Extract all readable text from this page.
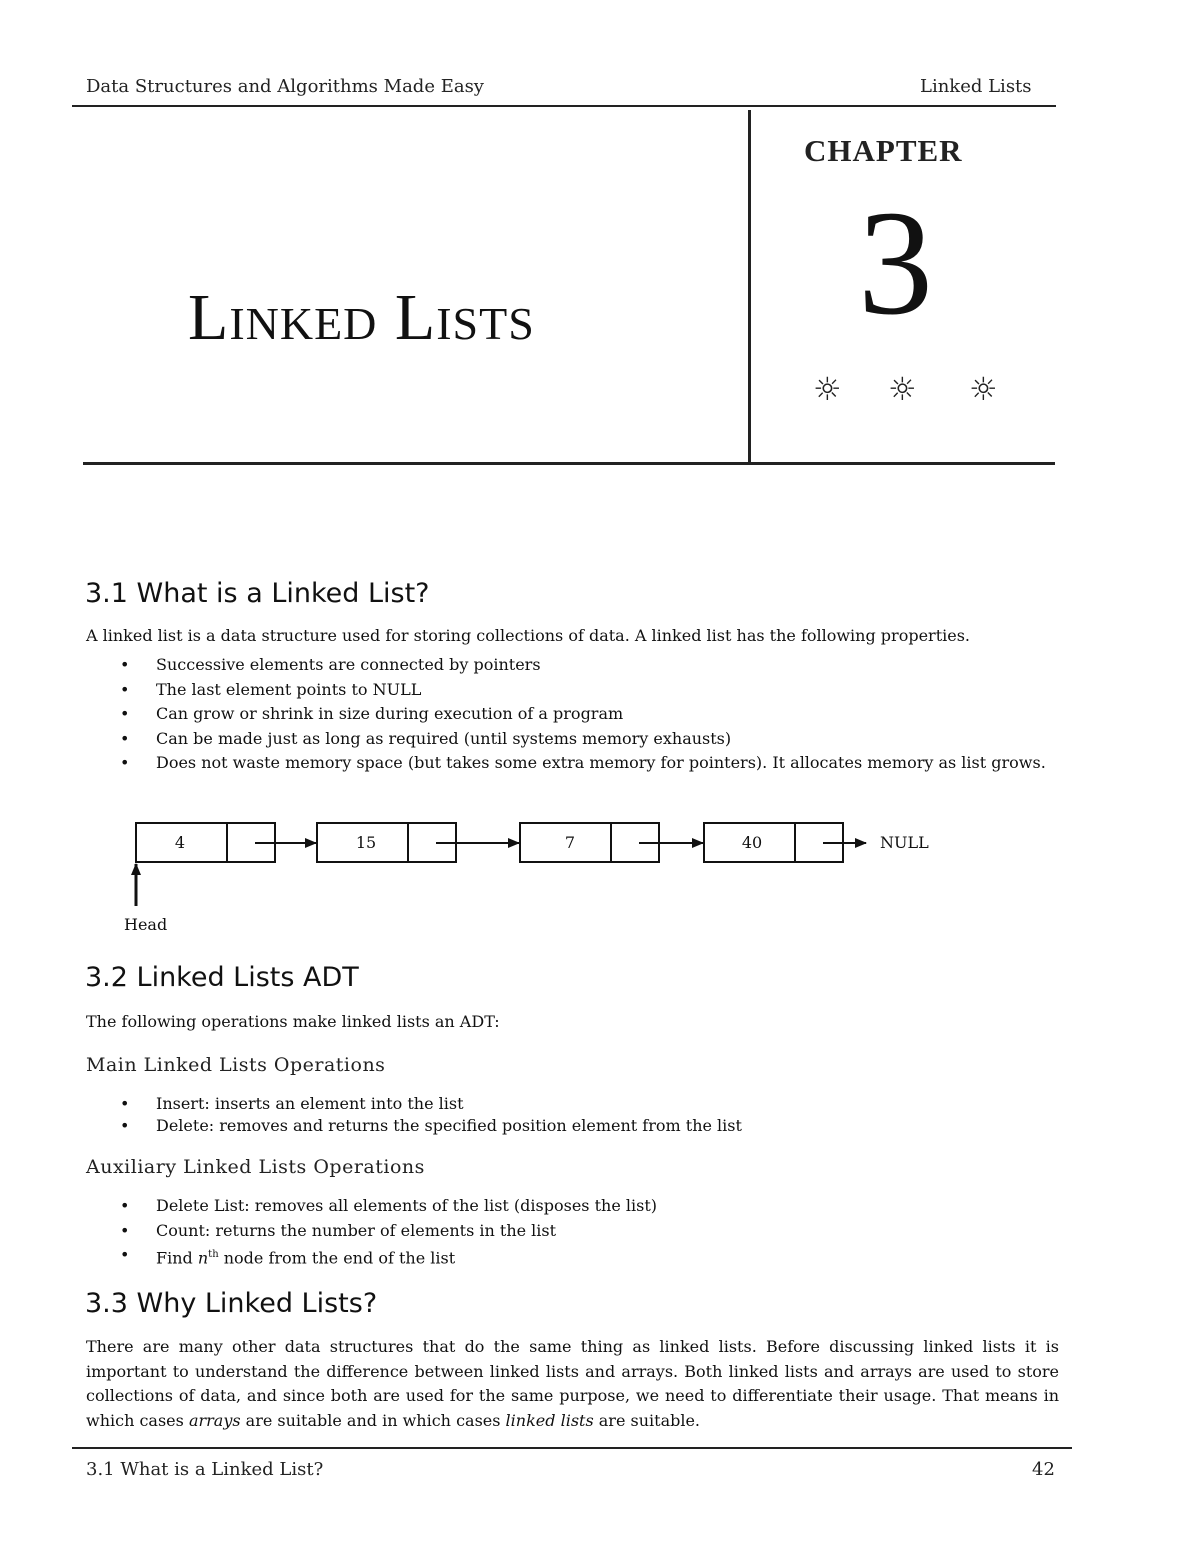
Data Structures and Algorithms Made Easy	Linked Lists
Linked Lists
CHAPTER
3
☼ ☼ ☼
3.1 What is a Linked List?
A linked list is a data structure used for storing collections of data. A linked list has the following properties.
• Successive elements are connected by pointers
• The last element points to NULL
• Can grow or shrink in size during execution of a program
• Can be made just as long as required (until systems memory exhausts)
• Does not waste memory space (but takes some extra memory for pointers). It allocates memory as list grows.
4	15	7	40	NULL
Head
3.2 Linked Lists ADT
The following operations make linked lists an ADT:
Main Linked Lists Operations
• Insert: inserts an element into the list
• Delete: removes and returns the specified position element from the list
Auxiliary Linked Lists Operations
• Delete List: removes all elements of the list (disposes the list)
• Count: returns the number of elements in the list
• Find $n^{th}$ node from the end of the list
3.3 Why Linked Lists?

There are many other data structures that do the same thing as linked lists. Before discussing linked lists it is important to understand the difference between linked lists and arrays. Both linked lists and arrays are used to store collections of data, and since both are used for the same purpose, we need to differentiate their usage. That means in which cases arrays are suitable and in which cases linked lists are suitable.

3.1 What is a Linked List?	42
